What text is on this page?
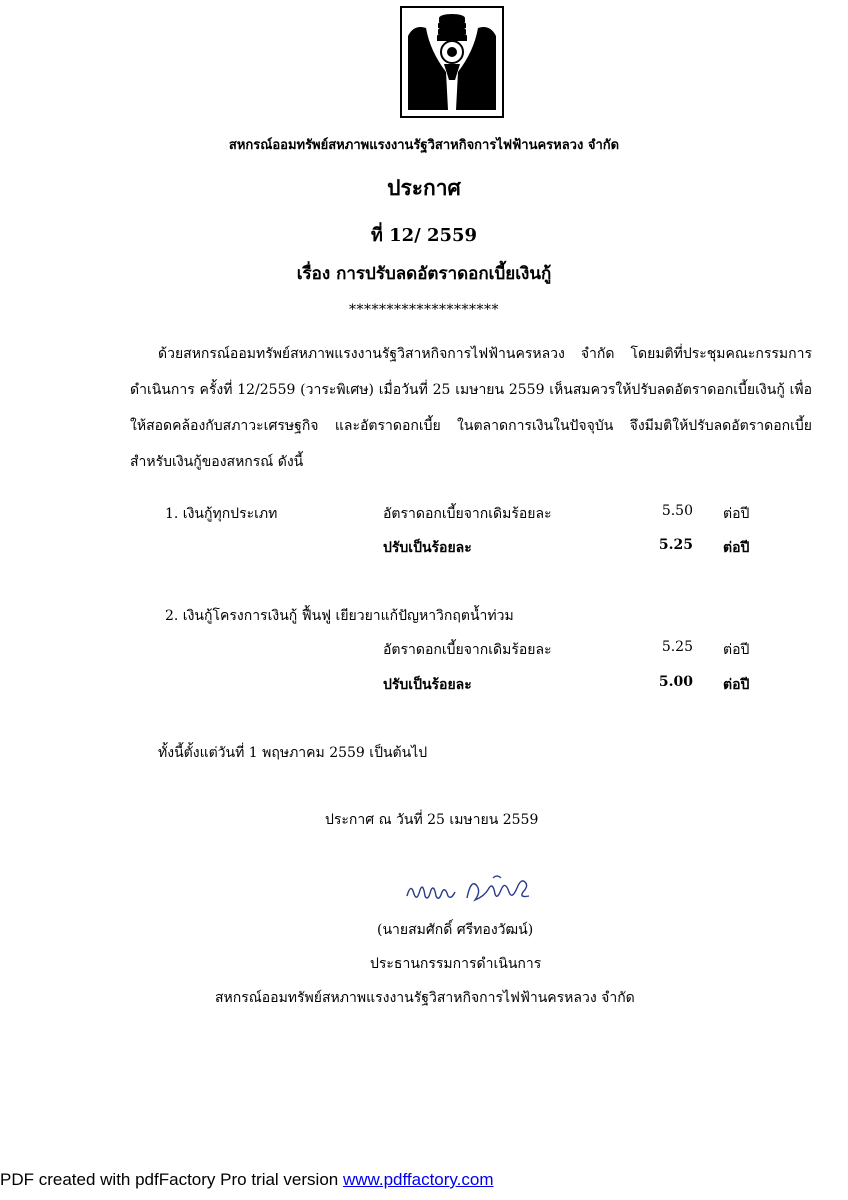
สหกรณ์ออมทรัพย์สหภาพแรงงานรัฐวิสาหกิจการไฟฟ้านครหลวง จำกัด
ประกาศ
ที่ 12/ 2559
เรื่อง การปรับลดอัตราดอกเบี้ยเงินกู้
********************
ด้วยสหกรณ์ออมทรัพย์สหภาพแรงงานรัฐวิสาหกิจการไฟฟ้านครหลวง จำกัด โดยมติที่ประชุมคณะกรรมการดำเนินการ ครั้งที่ 12/2559 (วาระพิเศษ) เมื่อวันที่ 25 เมษายน 2559 เห็นสมควรให้ปรับลดอัตราดอกเบี้ยเงินกู้ เพื่อให้สอดคล้องกับสภาวะเศรษฐกิจ และอัตราดอกเบี้ย ในตลาดการเงินในปัจจุบัน จึงมีมติให้ปรับลดอัตราดอกเบี้ยสำหรับเงินกู้ของสหกรณ์ ดังนี้
1. เงินกู้ทุกประเภท	อัตราดอกเบี้ยจากเดิมร้อยละ	5.50 ต่อปี
ปรับเป็นร้อยละ	5.25 ต่อปี
2. เงินกู้โครงการเงินกู้ ฟื้นฟู เยียวยาแก้ปัญหาวิกฤตน้ำท่วม
อัตราดอกเบี้ยจากเดิมร้อยละ	5.25 ต่อปี
ปรับเป็นร้อยละ	5.00 ต่อปี
ทั้งนี้ตั้งแต่วันที่ 1 พฤษภาคม 2559 เป็นต้นไป
ประกาศ ณ วันที่ 25 เมษายน 2559
(นายสมศักดิ์ ศรีทองวัฒน์)
ประธานกรรมการดำเนินการ
สหกรณ์ออมทรัพย์สหภาพแรงงานรัฐวิสาหกิจการไฟฟ้านครหลวง จำกัด
PDF created with pdfFactory Pro trial version www.pdffactory.com
